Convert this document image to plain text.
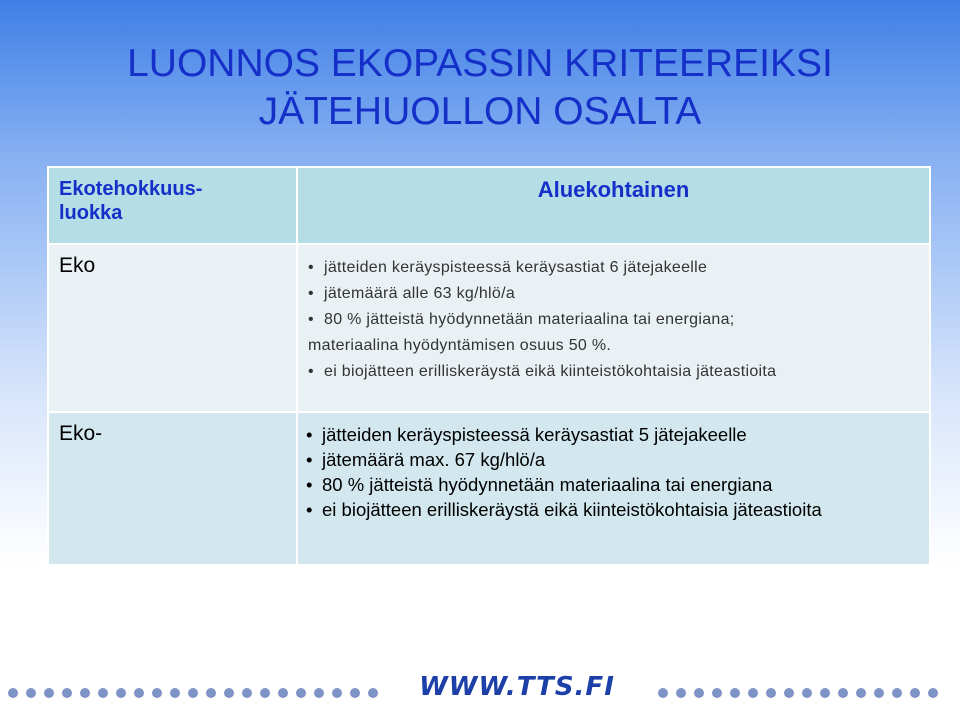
LUONNOS EKOPASSIN KRITEEREIKSI
JÄTEHUOLLON OSALTA
Ekotehokkuus-
luokka	Aluekohtainen
Eko	• jätteiden keräyspisteessä keräysastiat 6 jätejakeelle
• jätemäärä alle 63 kg/hlö/a
• 80 % jätteistä hyödynnetään materiaalina tai energiana;
materiaalina hyödyntämisen osuus 50 %.
• ei biojätteen erilliskeräystä eikä kiinteistökohtaisia jäteastioita

Eko-	• jätteiden keräyspisteessä keräysastiat 5 jätejakeelle
• jätemäärä max. 67 kg/hlö/a
• 80 % jätteistä hyödynnetään materiaalina tai energiana
• ei biojätteen erilliskeräystä eikä kiinteistökohtaisia jäteastioita
WWW.TTS.FI
